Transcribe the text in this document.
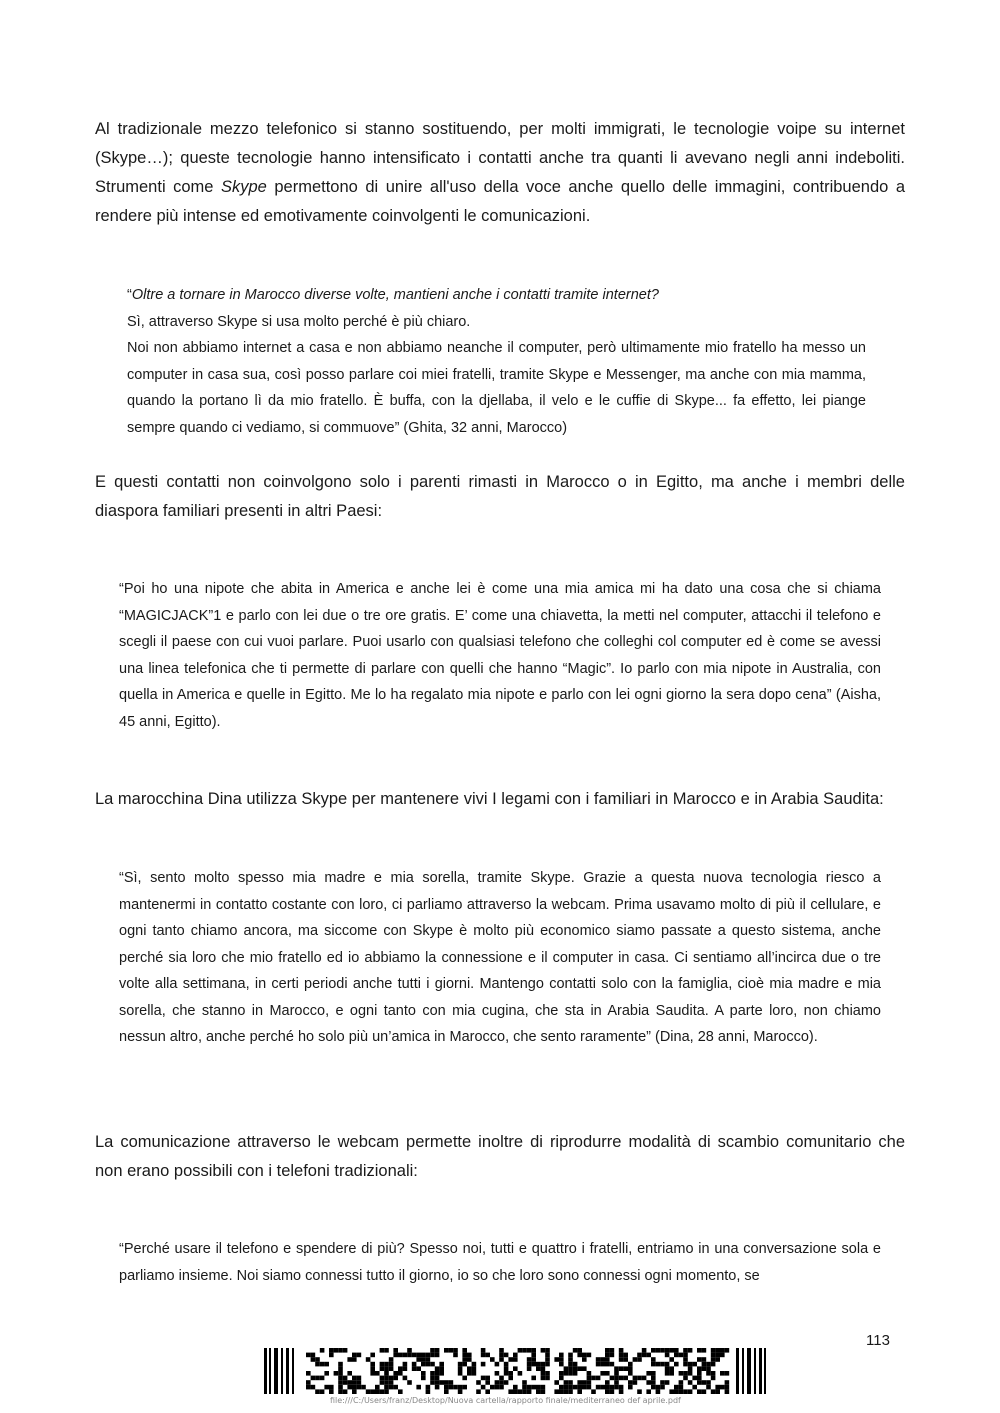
Al tradizionale mezzo telefonico si stanno sostituendo, per molti immigrati, le tecnologie voipe su internet (Skype…); queste tecnologie hanno intensificato i contatti anche tra quanti li avevano negli anni indeboliti. Strumenti come Skype permettono di unire all'uso della voce anche quello delle immagini, contribuendo a rendere più intense ed emotivamente coinvolgenti le comunicazioni.

“Oltre a tornare in Marocco diverse volte, mantieni anche i contatti tramite internet?

Sì, attraverso Skype si usa molto perché è più chiaro.

Noi non abbiamo internet a casa e non abbiamo neanche il computer, però ultimamente mio fratello ha messo un computer in casa sua, così posso parlare coi miei fratelli, tramite Skype e Messenger, ma anche con mia mamma, quando la portano lì da mio fratello. È buffa, con la djellaba, il velo e le cuffie di Skype... fa effetto, lei piange sempre quando ci vediamo, si commuove” (Ghita, 32 anni, Marocco)

E questi contatti non coinvolgono solo i parenti rimasti in Marocco o in Egitto, ma anche i membri delle diaspora familiari presenti in altri Paesi:

“Poi ho una nipote che abita in America e anche lei è come una mia amica mi ha dato una cosa che si chiama “MAGICJACK”1 e parlo con lei due o tre ore gratis. E’ come una chiavetta, la metti nel computer, attacchi il telefono e scegli il paese con cui vuoi parlare. Puoi usarlo con qualsiasi telefono che colleghi col computer ed è come se avessi una linea telefonica che ti permette di parlare con quelli che hanno “Magic”. Io parlo con mia nipote in Australia, con quella in America e quelle in Egitto. Me lo ha regalato mia nipote e parlo con lei ogni giorno la sera dopo cena” (Aisha, 45 anni, Egitto).

La marocchina Dina utilizza Skype per mantenere vivi I legami con i familiari in Marocco e in Arabia Saudita:

“Sì, sento molto spesso mia madre e mia sorella, tramite Skype. Grazie a questa nuova tecnologia riesco a mantenermi in contatto costante con loro, ci parliamo attraverso la webcam. Prima usavamo molto di più il cellulare, e ogni tanto chiamo ancora, ma siccome con Skype è molto più economico siamo passate a questo sistema, anche perché sia loro che mio fratello ed io abbiamo la connessione e il computer in casa. Ci sentiamo all’incirca due o tre volte alla settimana, in certi periodi anche tutti i giorni. Mantengo contatti solo con la famiglia, cioè mia madre e mia sorella, che stanno in Marocco, e ogni tanto con mia cugina, che sta in Arabia Saudita. A parte loro, non chiamo nessun altro, anche perché ho solo più un’amica in Marocco, che sento raramente” (Dina, 28 anni, Marocco).

La comunicazione attraverso le webcam permette inoltre di riprodurre modalità di scambio comunitario che non erano possibili con i telefoni tradizionali:

“Perché usare il telefono e spendere di più? Spesso noi, tutti e quattro i fratelli, entriamo in una conversazione sola e parliamo insieme. Noi siamo connessi tutto il giorno, io so che loro sono connessi ogni momento, se

113
file:///C:/Users/franz/Desktop/Nuova cartella/rapporto finale/mediterraneo def aprile.pdf
